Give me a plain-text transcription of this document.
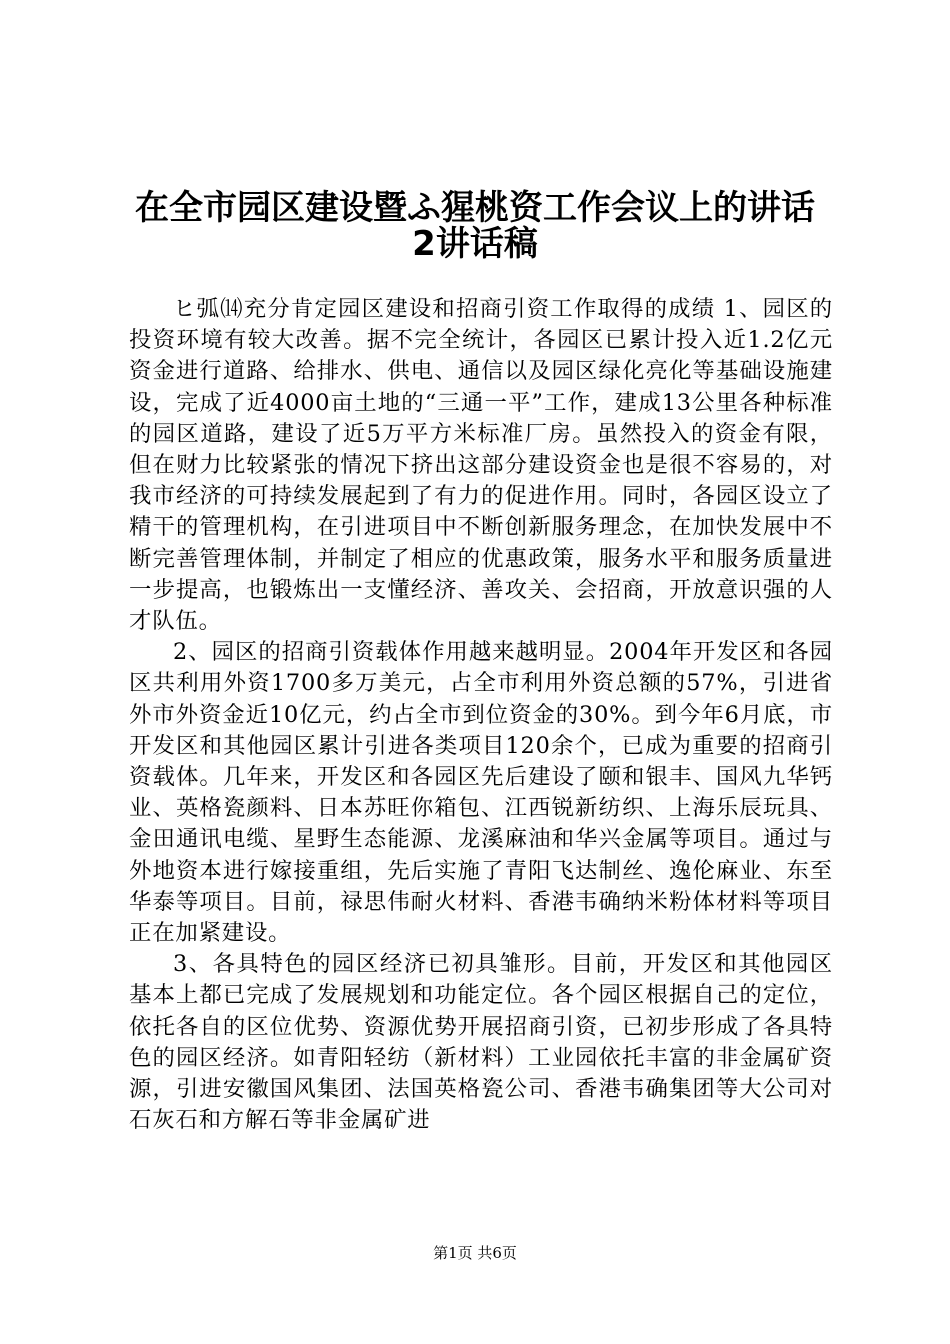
在全市园区建设暨ふ猩桃资工作会议上的讲话
2讲话稿

ヒ弧⒁充分肯定园区建设和招商引资工作取得的成绩 1、园区的投资环境有较大改善。据不完全统计，各园区已累计投入近1.2亿元资金进行道路、给排水、供电、通信以及园区绿化亮化等基础设施建设，完成了近4000亩土地的“三通一平”工作，建成13公里各种标准的园区道路，建设了近5万平方米标准厂房。虽然投入的资金有限，但在财力比较紧张的情况下挤出这部分建设资金也是很不容易的，对我市经济的可持续发展起到了有力的促进作用。同时，各园区设立了精干的管理机构，在引进项目中不断创新服务理念，在加快发展中不断完善管理体制，并制定了相应的优惠政策，服务水平和服务质量进一步提高，也锻炼出一支懂经济、善攻关、会招商，开放意识强的人才队伍。

2、园区的招商引资载体作用越来越明显。2004年开发区和各园区共利用外资1700多万美元，占全市利用外资总额的57%，引进省外市外资金近10亿元，约占全市到位资金的30%。到今年6月底，市开发区和其他园区累计引进各类项目120余个，已成为重要的招商引资载体。几年来，开发区和各园区先后建设了颐和银丰、国风九华钙业、英格瓷颜料、日本苏旺你箱包、江西锐新纺织、上海乐辰玩具、金田通讯电缆、星野生态能源、龙溪麻油和华兴金属等项目。通过与外地资本进行嫁接重组，先后实施了青阳飞达制丝、逸伦麻业、东至华泰等项目。目前，禄思伟耐火材料、香港韦确纳米粉体材料等项目正在加紧建设。

3、各具特色的园区经济已初具雏形。目前，开发区和其他园区基本上都已完成了发展规划和功能定位。各个园区根据自己的定位，依托各自的区位优势、资源优势开展招商引资，已初步形成了各具特色的园区经济。如青阳轻纺（新材料）工业园依托丰富的非金属矿资源，引进安徽国风集团、法国英格瓷公司、香港韦确集团等大公司对石灰石和方解石等非金属矿进

第1页 共6页
